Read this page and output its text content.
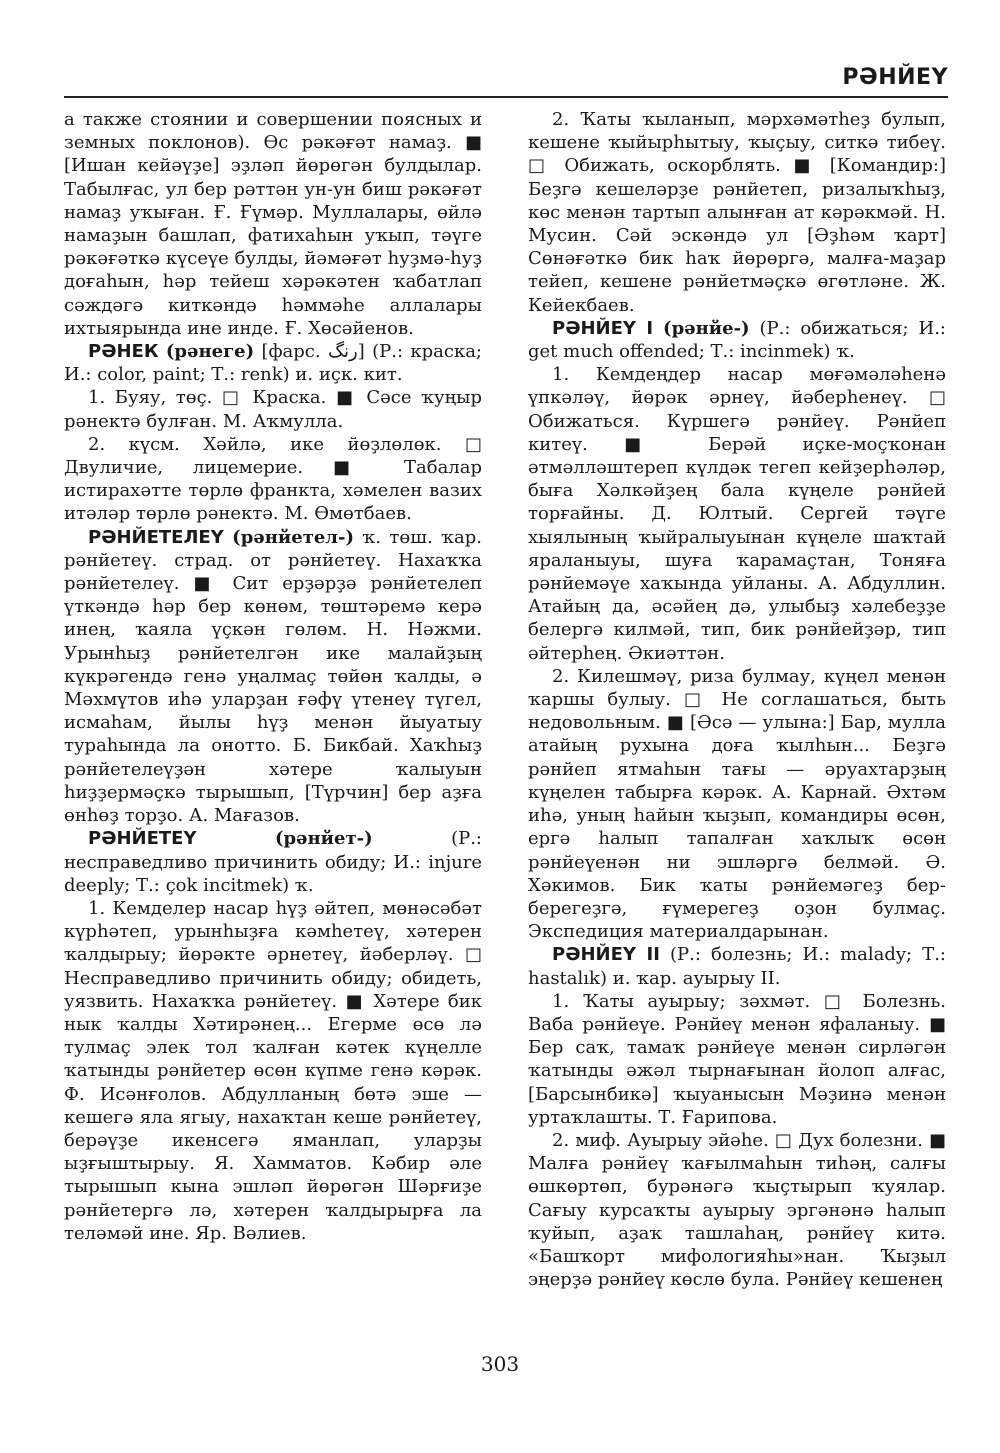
РӘНЙЕҮ

а также стоянии и совершении поясных и земных поклонов). Өс рәкәғәт намаҙ. ■ [Ишан кейәүҙе] эҙләп йөрөгән булдылар. Табылғас, ул бер рәттән ун-ун биш рәкәғәт намаҙ уҡыған. Ғ. Ғүмәр. Муллалары, өйлә намаҙын башлап, фатихаһын уҡып, тәүге рәкәғәткә күсеүе булды, йәмәғәт һуҙмә-һуҙ доғаһын, һәр тейеш хәрәкәтен ҡабатлап сәждәгә киткәндә һәммәһе аллалары ихтыярында ине инде. Ғ. Хөсәйенов.

РӘНЕК (рәнеге) [фарс. رنگ] (Р.: краска; И.: color, paint; Т.: renk) и. иҫк. кит.

1. Буяу, төҫ. □ Краска. ■ Сәсе ҡуңыр рәнектә булған. М. Аҡмулла.

2. күсм. Хәйлә, ике йөҙлөлөк. □ Двуличие, лицемерие. ■ Табалар истирахәтте төрлө франкта, хәмелен вазих итәләр төрлө рәнектә. М. Өмөтбаев.

РӘНЙЕТЕЛЕҮ (рәнйетел-) ҡ. төш. ҡар. рәнйетеү. страд. от рәнйетеү. Нахаҡҡа рәнйетелеү. ■ Сит ерҙәрҙә рәнйетелеп үткәндә һәр бер көнөм, төштәремә керә инең, ҡаяла үҫкән гөлөм. Н. Нәжми. Урынһыҙ рәнйетелгән ике малайҙың күкрәгендә генә уңалмаҫ төйөн ҡалды, ә Мәхмүтов иһә уларҙан ғәфү үтенеү түгел, исмаһам, йылы һүҙ менән йыуатыу тураһында ла онотто. Б. Бикбай. Хаҡһыҙ рәнйетелеүҙән хәтере ҡалыуын һиҙҙермәҫкә тырышып, [Түрчин] бер аҙға өнһөҙ торҙо. А. Мағазов.

РӘНЙЕТЕҮ	(рәнйет-)	(Р.: несправедливо причинить обиду; И.: injure deeply; Т.: çok incitmek) ҡ.

1. Кемделер насар һүҙ әйтеп, мөнәсәбәт күрһәтеп, урынһыҙға кәмһетеү, хәтерен ҡалдырыу; йөрәкте әрнетеү, йәберләү. □ Несправедливо причинить обиду; обидеть, уязвить. Нахаҡҡа рәнйетеү. ■ Хәтере бик нык ҡалды Хәтирәнең... Егерме өсө лә тулмаҫ элек тол ҡалған кәтек күңелле ҡатынды рәнйетер өсөн күпме генә кәрәк. Ф. Исәнғолов. Абдулланың бөтә эше — кешегә яла ягыу, нахаҡтан кеше рәнйетеү, берәүҙе икенсегә яманлап, уларҙы ыҙғыштырыу. Я. Хамматов. Кәбир әле тырышып кына эшләп йөрөгән Шәрғиҙе рәнйетергә лә, хәтерен ҡалдырырға ла теләмәй ине. Яр. Вәлиев.

2. Ҡаты ҡыланып, мәрхәмәтһеҙ булып, кешене ҡыйырһытыу, ҡыҫыу, ситкә тибеү. □ Обижать, оскорблять. ■ [Командир:] Беҙгә кешеләрҙе рәнйетеп, ризалыҡһыҙ, көс менән тартып алынған ат кәрәкмәй. Н. Мусин. Сәй эскәндә ул [Әҙһәм ҡарт] Сөнәғәткә бик һаҡ йөрөргә, малға-маҙар тейеп, кешене рәнйетмәҫкә өгөтләне. Ж. Кейекбаев.

РӘНЙЕҮ I (рәнйе-) (Р.: обижаться; И.: get much offended; Т.: incinmek) ҡ.

1. Кемдеңдер насар мөғәмәләһенә үпкәләү, йөрәк әрнеү, йәберһенеү. □ Обижаться. Күршегә рәнйеү. Рәнйеп китеү. ■ Берәй иҫке-моҫҡонан әтмәлләштереп күлдәк тегеп кейҙерһәләр, быға Хәлкәйҙең бала күңеле рәнйей торғайны. Д. Юлтый. Сергей тәүге хыялының ҡыйралыуынан күңеле шаҡтай яраланыуы, шуға ҡарамаҫтан, Тоняға рәнйемәүе хаҡында уйланы. А. Абдуллин. Атайың да, әсәйең дә, улыбыҙ хәлебеҙҙе белергә килмәй, тип, бик рәнйейҙәр, тип әйтерһең. Әкиәттән.

2. Килешмәү, риза булмау, күңел менән ҡаршы булыу. □ Не соглашаться, быть недовольным. ■ [Әсә — улына:] Бар, мулла атайың рухына доға ҡылһын... Беҙгә рәнйеп ятмаһын тағы — әруахтарҙың күңелен табырға кәрәк. А. Карнай. Әхтәм иһә, уның һайын ҡыҙып, командиры өсөн, ергә һалып тапалған хаҡлыҡ өсөн рәнйеүенән ни эшләргә белмәй. Ә. Хәкимов. Бик ҡаты рәнйемәгеҙ бер-берегеҙгә, ғүмерегеҙ оҙон булмаҫ. Экспедиция материалдарынан.

РӘНЙЕҮ II (Р.: болезнь; И.: malady; Т.: hastalık) и. ҡар. ауырыу II.

1. Ҡаты ауырыу; зәхмәт. □ Болезнь. Ваба рәнйеүе. Рәнйеү менән яфаланыу. ■ Бер саҡ, тамаҡ рәнйеүе менән сирләгән ҡатынды әжәл тырнағынан йолоп алғас, [Барсынбикә] ҡыуанысын Мәҙинә менән уртаҡлашты. Т. Ғарипова.

2. миф. Ауырыу эйәһе. □ Дух болезни. ■ Малға рәнйеү ҡағылмаһын тиһәң, салғы өшкөртөп, бурәнәгә ҡыҫтырып ҡуялар. Сағыу курсаҡты ауырыу эргәнәнә һалып ҡуйып, аҙаҡ ташлаһаң, рәнйеү китә. «Башҡорт мифологияһы»нан. Ҡыҙыл эңерҙә рәнйеү көслө була. Рәнйеү кешенең

303
